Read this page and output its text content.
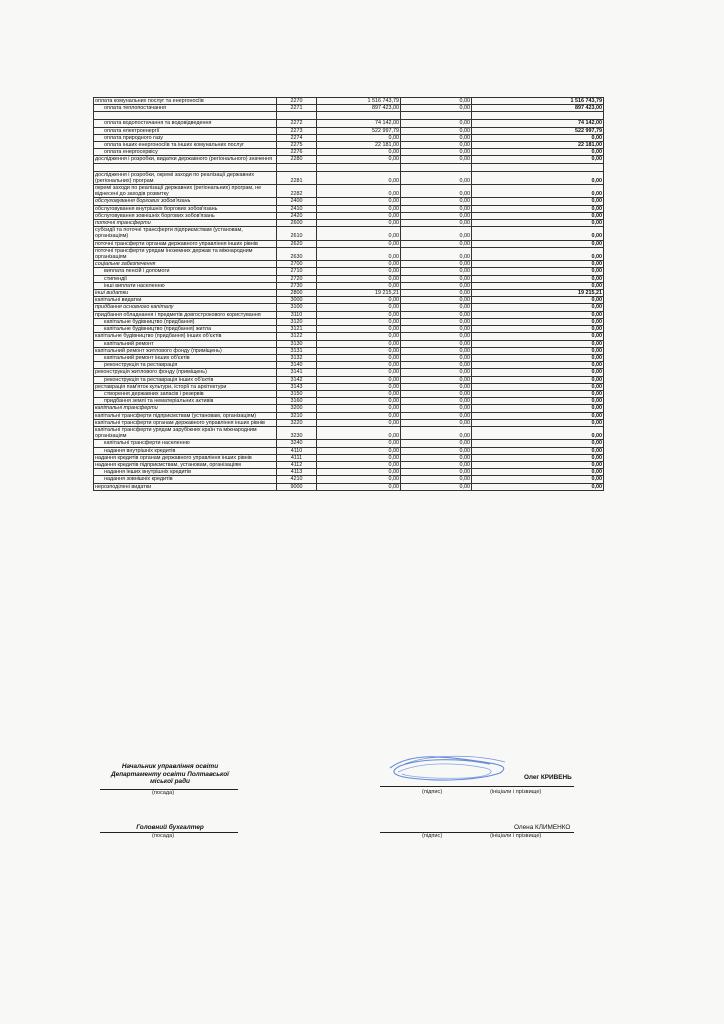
оплата комунальних послуг та енергоносіїв	2270	1 516 743,79	0,00	1 516 743,79
оплата теплопостачання	2271	897 423,00	0,00	897 423,00

оплата водопостачання та водовідведення	2272	74 142,00	0,00	74 142,00
оплата електроенергії	2273	522 997,79	0,00	522 997,79
оплата природного газу	2274	0,00	0,00	0,00
оплата інших енергоносіїв та інших комунальних послуг	2275	22 181,00	0,00	22 181,00
оплата енергосервісу	2276	0,00	0,00	0,00
дослідження і розробки, видатки державного (регіонального) значення	2280	0,00	0,00	0,00

дослідження і розробки, окремі заходи по реалізації державних (регіональних) програм	2281	0,00	0,00	0,00
окремі заходи по реалізації державних (регіональних) програм, не віднесені до заходів розвитку	2282	0,00	0,00	0,00
обслуговування боргових зобов'язань	2400	0,00	0,00	0,00
обслуговування внутрішніх боргових зобов'язань	2410	0,00	0,00	0,00
обслуговування зовнішніх боргових зобов'язань	2420	0,00	0,00	0,00
поточні трансферти	2600	0,00	0,00	0,00
субсидії та поточні трансферти підприємствам (установам, організаціям)	2610	0,00	0,00	0,00
поточні трансферти органам державного управління інших рівнів	2620	0,00	0,00	0,00
поточні трансферти урядам іноземних держав та міжнародним організаціям	2630	0,00	0,00	0,00
соціальне забезпечення	2700	0,00	0,00	0,00
виплата пенсій і допомоги	2710	0,00	0,00	0,00
стипендії	2720	0,00	0,00	0,00
інші виплати населенню	2730	0,00	0,00	0,00
інші видатки	2800	19 215,21	0,00	19 215,21
капітальні видатки	3000	0,00	0,00	0,00
придбання основного капіталу	3100	0,00	0,00	0,00
придбання обладнання і предметів довгострокового користування	3110	0,00	0,00	0,00
капітальне будівництво (придбання)	3120	0,00	0,00	0,00
капітальне будівництво (придбання) житла	3121	0,00	0,00	0,00
капітальне будівництво (придбання) інших об'єктів	3122	0,00	0,00	0,00
капітальний ремонт	3130	0,00	0,00	0,00
капітальний ремонт житлового фонду (приміщень)	3131	0,00	0,00	0,00
капітальний ремонт інших об'єктів	3132	0,00	0,00	0,00
реконструкція та реставрація	3140	0,00	0,00	0,00
реконструкція житлового фонду (приміщень)	3141	0,00	0,00	0,00
реконструкція та реставрація інших об'єктів	3142	0,00	0,00	0,00
реставрація пам'яток культури, історії та архітектури	3143	0,00	0,00	0,00
створення державних запасів і резервів	3150	0,00	0,00	0,00
придбання землі та нематеріальних активів	3160	0,00	0,00	0,00
капітальні трансферти	3200	0,00	0,00	0,00
капітальні трансферти підприємствам (установам, організаціям)	3210	0,00	0,00	0,00
капітальні трансферти органам державного управління інших рівнів	3220	0,00	0,00	0,00
капітальні трансферти урядам зарубіжних країн та міжнародним організаціям	3230	0,00	0,00	0,00
капітальні трансферти населенню	3240	0,00	0,00	0,00
надання внутрішніх кредитів	4110	0,00	0,00	0,00
надання кредитів органам державного управління інших рівнів	4111	0,00	0,00	0,00
надання кредитів підприємствам, установам, організаціям	4112	0,00	0,00	0,00
надання інших внутрішніх кредитів	4113	0,00	0,00	0,00
надання зовнішніх кредитів	4210	0,00	0,00	0,00
нерозподілені видатки	9000	0,00	0,00	0,00
Начальник управління освіти Департаменту освіти Полтавської міської ради
(посада)
Олег КРИВЕНЬ
(підпис)	(ініціали і прізвище)
Головний бухгалтер
(посада)
Олена КЛИМЕНКО
(підпис)	(ініціали і прізвище)
